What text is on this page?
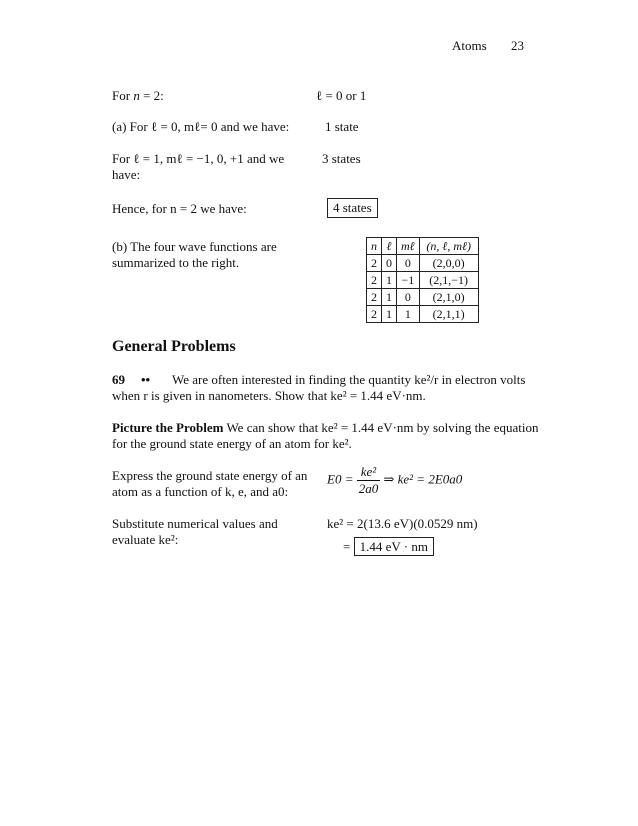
Atoms 23
For n = 2:	ℓ = 0 or 1
(a) For ℓ = 0, mℓ= 0 and we have:	1 state
For ℓ = 1, mℓ = −1, 0, +1 and we
have:
3 states
Hence, for n = 2 we have:	4 states
(b) The four wave functions are
summarized to the right.
n	ℓ	mℓ	(n, ℓ, mℓ)
2	0	0	(2,0,0)
2	1	−1	(2,1,−1)
2	1	0	(2,1,0)
2	1	1	(2,1,1)
General Problems
69 •• We are often interested in finding the quantity ke²/r in electron volts
when r is given in nanometers. Show that ke² = 1.44 eV·nm.
Picture the Problem We can show that ke² = 1.44 eV·nm by solving the equation
for the ground state energy of an atom for ke².
Express the ground state energy of an
atom as a function of k, e, and a0:
$E0 = \frac{\text{ke²}}{2a0}$ ⇒ ke² = 2E0a0
Substitute numerical values and
evaluate ke²:
ke² = 2(13.6 eV)(0.0529 nm)
= 1.44 eV · nm
